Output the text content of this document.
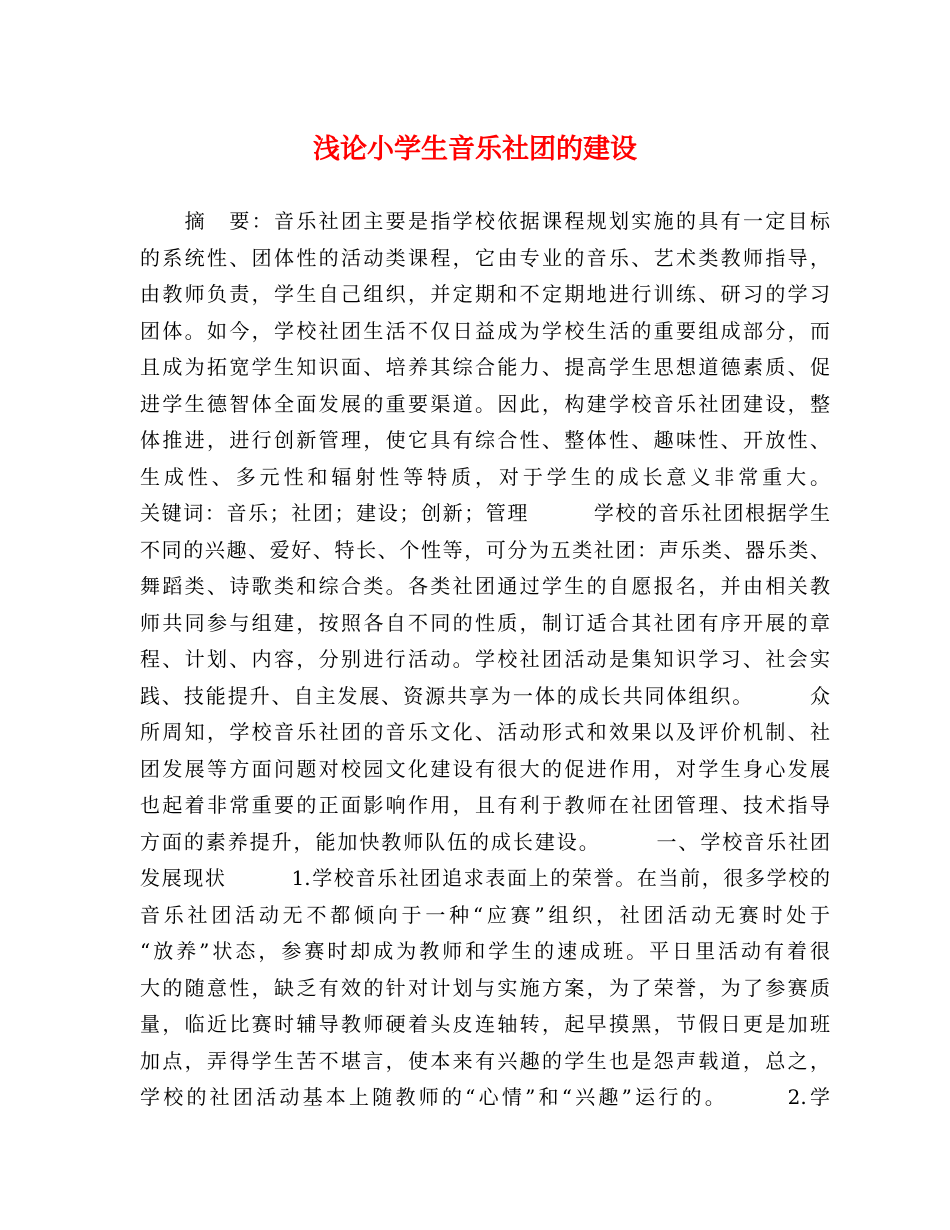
浅论小学生音乐社团的建设
　　摘　要：音乐社团主要是指学校依据课程规划实施的具有一定目标
的系统性、团体性的活动类课程，它由专业的音乐、艺术类教师指导，
由教师负责，学生自己组织，并定期和不定期地进行训练、研习的学习
团体。如今，学校社团生活不仅日益成为学校生活的重要组成部分，而
且成为拓宽学生知识面、培养其综合能力、提高学生思想道德素质、促
进学生德智体全面发展的重要渠道。因此，构建学校音乐社团建设，整
体推进，进行创新管理，使它具有综合性、整体性、趣味性、开放性、
生成性、多元性和辐射性等特质，对于学生的成长意义非常重大。
关键词：音乐；社团；建设；创新；管理　　　学校的音乐社团根据学生
不同的兴趣、爱好、特长、个性等，可分为五类社团：声乐类、器乐类、
舞蹈类、诗歌类和综合类。各类社团通过学生的自愿报名，并由相关教
师共同参与组建，按照各自不同的性质，制订适合其社团有序开展的章
程、计划、内容，分别进行活动。学校社团活动是集知识学习、社会实
践、技能提升、自主发展、资源共享为一体的成长共同体组织。　　　众
所周知，学校音乐社团的音乐文化、活动形式和效果以及评价机制、社
团发展等方面问题对校园文化建设有很大的促进作用，对学生身心发展
也起着非常重要的正面影响作用，且有利于教师在社团管理、技术指导
方面的素养提升，能加快教师队伍的成长建设。　　　一、学校音乐社团
发展现状　　　1.学校音乐社团追求表面上的荣誉。在当前，很多学校的
音乐社团活动无不都倾向于一种“应赛”组织，社团活动无赛时处于
“放养”状态，参赛时却成为教师和学生的速成班。平日里活动有着很
大的随意性，缺乏有效的针对计划与实施方案，为了荣誉，为了参赛质
量，临近比赛时辅导教师硬着头皮连轴转，起早摸黑，节假日更是加班
加点，弄得学生苦不堪言，使本来有兴趣的学生也是怨声载道，总之，
学校的社团活动基本上随教师的“心情”和“兴趣”运行的。　　　2.学
